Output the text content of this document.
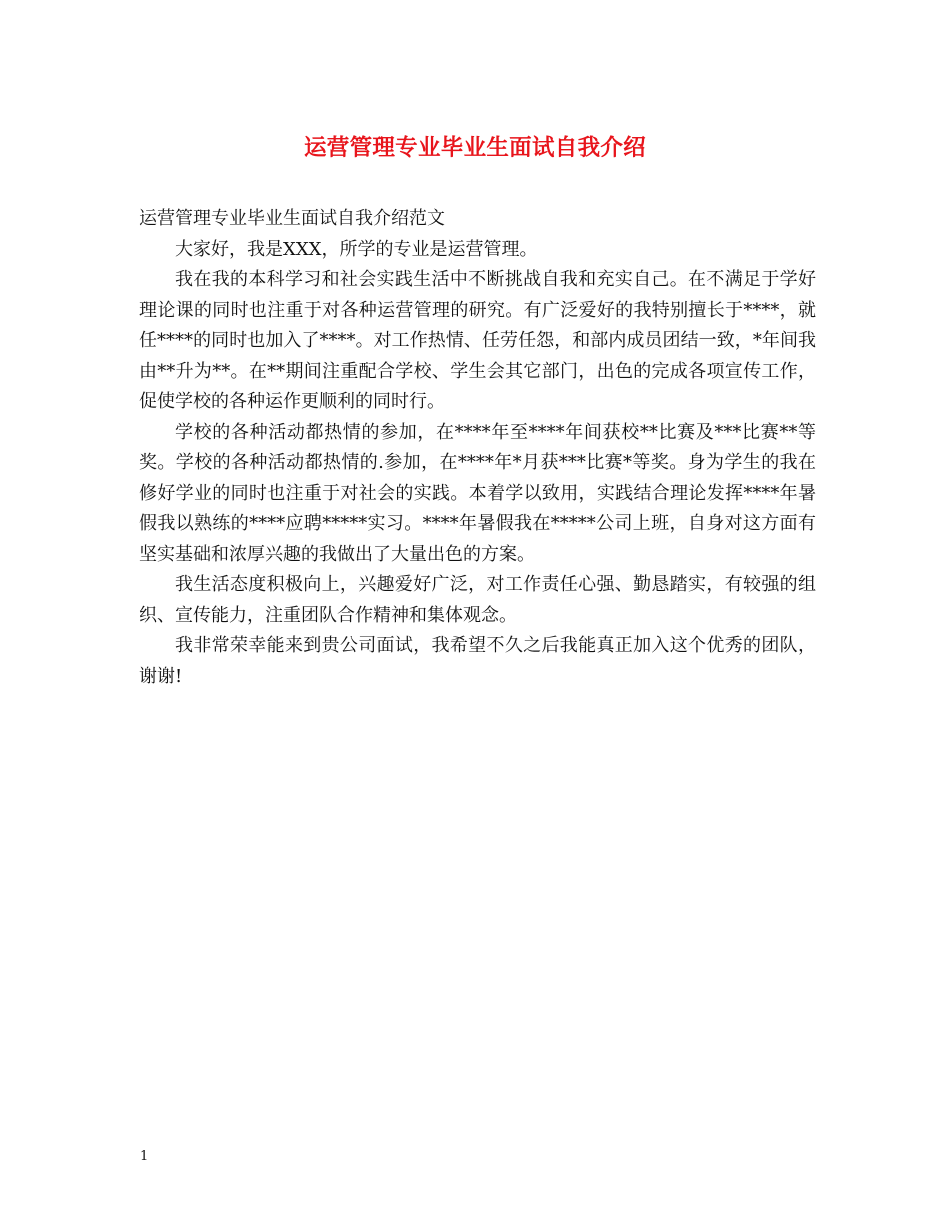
运营管理专业毕业生面试自我介绍

运营管理专业毕业生面试自我介绍范文

大家好，我是XXX，所学的专业是运营管理。

我在我的本科学习和社会实践生活中不断挑战自我和充实自己。在不满足于学好理论课的同时也注重于对各种运营管理的研究。有广泛爱好的我特别擅长于****，就任****的同时也加入了****。对工作热情、任劳任怨，和部内成员团结一致，*年间我由**升为**。在**期间注重配合学校、学生会其它部门，出色的完成各项宣传工作，促使学校的各种运作更顺利的同时行。

学校的各种活动都热情的参加，在****年至****年间获校**比赛及***比赛**等奖。学校的各种活动都热情的.参加，在****年*月获***比赛*等奖。身为学生的我在修好学业的同时也注重于对社会的实践。本着学以致用，实践结合理论发挥****年暑假我以熟练的****应聘*****实习。****年暑假我在*****公司上班，自身对这方面有坚实基础和浓厚兴趣的我做出了大量出色的方案。

我生活态度积极向上，兴趣爱好广泛，对工作责任心强、勤恳踏实，有较强的组织、宣传能力，注重团队合作精神和集体观念。

我非常荣幸能来到贵公司面试，我希望不久之后我能真正加入这个优秀的团队，谢谢!

1
